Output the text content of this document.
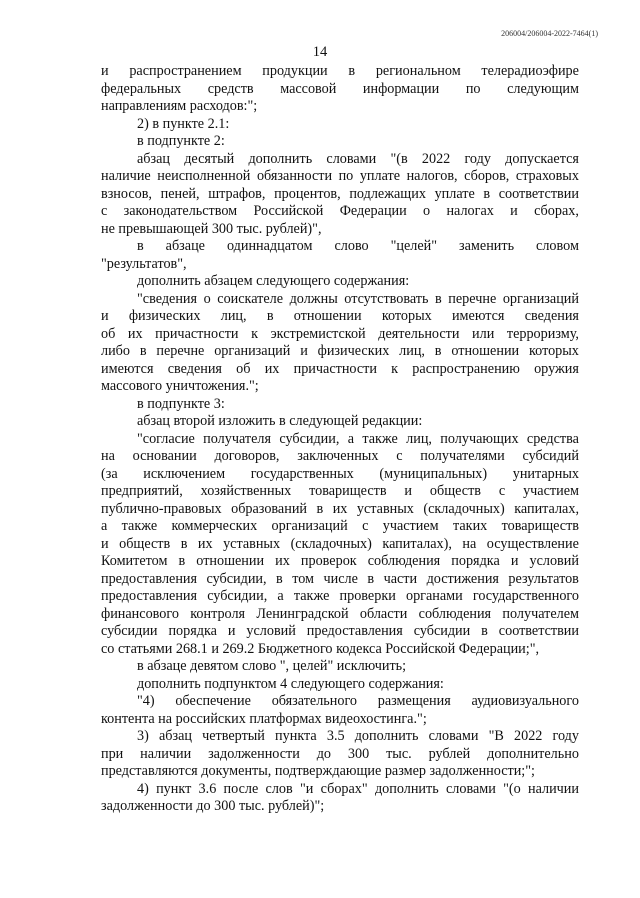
206004/206004-2022-7464(1)
14
и распространением продукции в региональном телерадиоэфире
федеральных средств массовой информации по следующим
направлениям расходов:";
2) в пункте 2.1:
в подпункте 2:
абзац десятый дополнить словами "(в 2022 году допускается
наличие неисполненной обязанности по уплате налогов, сборов, страховых
взносов, пеней, штрафов, процентов, подлежащих уплате в соответствии
с законодательством Российской Федерации о налогах и сборах,
не превышающей 300 тыс. рублей)",
в абзаце одиннадцатом слово "целей" заменить словом
"результатов",
дополнить абзацем следующего содержания:
"сведения о соискателе должны отсутствовать в перечне организаций
и физических лиц, в отношении которых имеются сведения
об их причастности к экстремистской деятельности или терроризму,
либо в перечне организаций и физических лиц, в отношении которых
имеются сведения об их причастности к распространению оружия
массового уничтожения.";
в подпункте 3:
абзац второй изложить в следующей редакции:
"согласие получателя субсидии, а также лиц, получающих средства
на основании договоров, заключенных с получателями субсидий
(за исключением государственных (муниципальных) унитарных
предприятий, хозяйственных товариществ и обществ с участием
публично-правовых образований в их уставных (складочных) капиталах,
а также коммерческих организаций с участием таких товариществ
и обществ в их уставных (складочных) капиталах), на осуществление
Комитетом в отношении их проверок соблюдения порядка и условий
предоставления субсидии, в том числе в части достижения результатов
предоставления субсидии, а также проверки органами государственного
финансового контроля Ленинградской области соблюдения получателем
субсидии порядка и условий предоставления субсидии в соответствии
со статьями 268.1 и 269.2 Бюджетного кодекса Российской Федерации;",
в абзаце девятом слово ", целей" исключить;
дополнить подпунктом 4 следующего содержания:
"4) обеспечение обязательного размещения аудиовизуального
контента на российских платформах видеохостинга.";
3) абзац четвертый пункта 3.5 дополнить словами "В 2022 году
при наличии задолженности до 300 тыс. рублей дополнительно
представляются документы, подтверждающие размер задолженности;";
4) пункт 3.6 после слов "и сборах" дополнить словами "(о наличии
задолженности до 300 тыс. рублей)";
